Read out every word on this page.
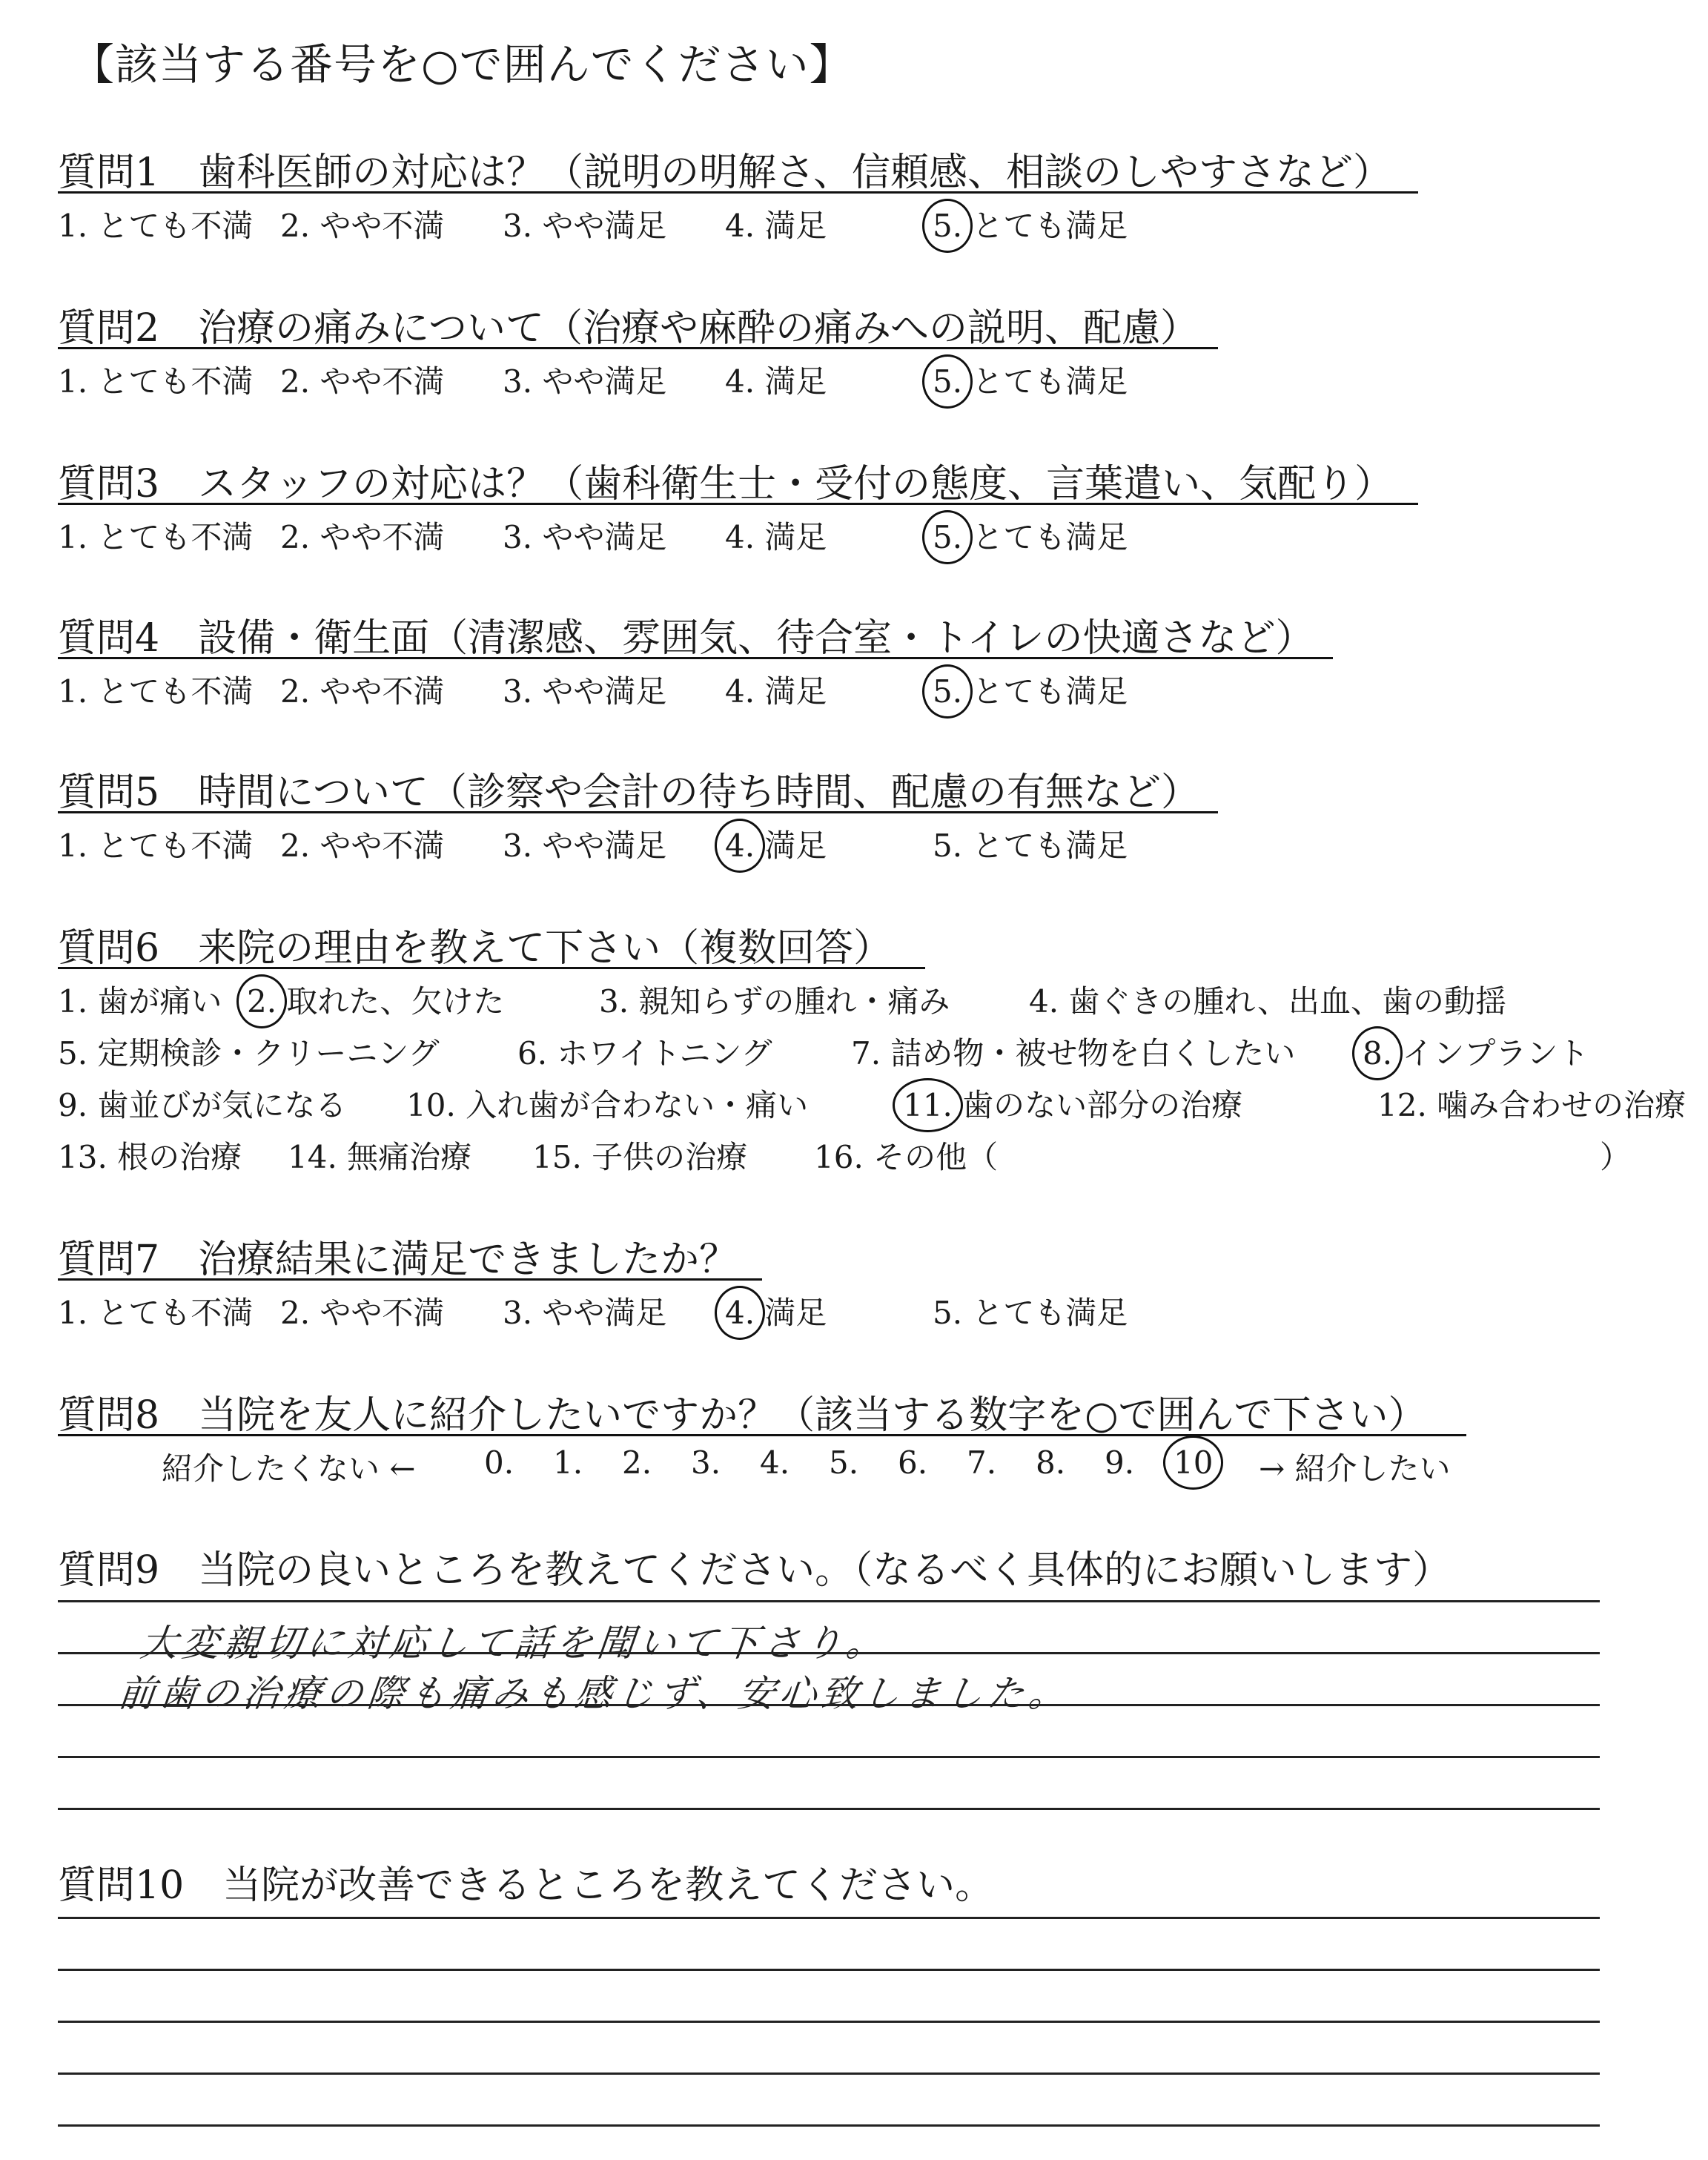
【該当する番号を○で囲んでください】
質問1　歯科医師の対応は？（説明の明解さ、信頼感、相談のしやすさなど）
1. とても不満 2. やや不満 3. やや満足 4. 満足	5.
とても満足
質問2　治療の痛みについて（治療や麻酔の痛みへの説明、配慮）
1. とても不満 2. やや不満 3. やや満足 4. 満足	5.
とても満足
質問3　スタッフの対応は？（歯科衛生士・受付の態度、言葉遣い、気配り）
1. とても不満 2. やや不満 3. やや満足 4. 満足	5.
とても満足
質問4　設備・衛生面（清潔感、雰囲気、待合室・トイレの快適さなど）
1. とても不満 2. やや不満 3. やや満足 4. 満足	5.
とても満足
質問5　時間について（診察や会計の待ち時間、配慮の有無など）
1. とても不満 2. やや不満 3. やや満足 4.
満足	5. とても満足
質問6　来院の理由を教えて下さい（複数回答）
1. 歯が痛い 2.
取れた、欠けた	3. 親知らずの腫れ・痛み	4. 歯ぐきの腫れ、出血、歯の動揺
5. 定期検診・クリーニング	6. ホワイトニング	7. 詰め物・被せ物を白くしたい 8.
インプラント
9. 歯並びが気になる 10. 入れ歯が合わない・痛い	11.
歯のない部分の治療	12. 噛み合わせの治療
13. 根の治療 14. 無痛治療 15. 子供の治療 16. その他（	）
質問7　治療結果に満足できましたか？
1. とても不満 2. やや不満 3. やや満足 4.
満足	5. とても満足
質問8　当院を友人に紹介したいですか？（該当する数字を○で囲んで下さい）
紹介したくない ← 0. 1. 2. 3. 4. 5. 6. 7. 8. 9. 10 → 紹介したい
質問9　当院の良いところを教えてください。（なるべく具体的にお願いします）
大変親切に対応して話を聞いて下さり。
前歯の治療の際も痛みも感じず、安心致しました。
質問10　当院が改善できるところを教えてください。
